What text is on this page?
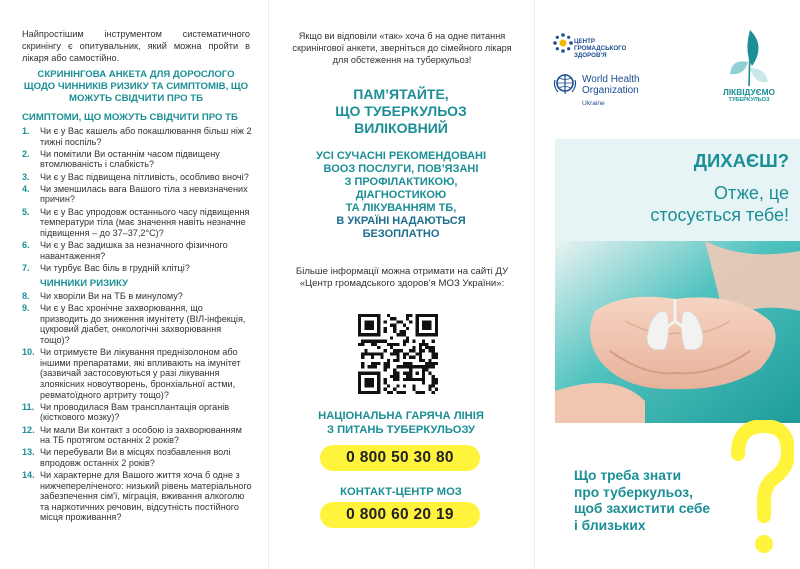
Найпростішим інструментом систематичного скринінгу є опитувальник, який можна пройти в лікаря або самостійно.
СКРИНІНГОВА АНКЕТА ДЛЯ ДОРОСЛОГО ЩОДО ЧИННИКІВ РИЗИКУ ТА СИМПТОМІВ, ЩО МОЖУТЬ СВІДЧИТИ ПРО ТБ
СИМПТОМИ, ЩО МОЖУТЬ СВІДЧИТИ ПРО ТБ
1. Чи є у Вас кашель або покашлювання більш ніж 2 тижні поспіль?
2. Чи помітили Ви останнім часом підвищену втомлюваність і слабкість?
3. Чи є у Вас підвищена пітливість, особливо вночі?
4. Чи зменшилась вага Вашого тіла з невизначених причин?
5. Чи є у Вас упродовж останнього часу підвищення температури тіла (має значення навіть незначне підвищення – до 37–37,2°С)?
6. Чи є у Вас задишка за незначного фізичного навантаження?
7. Чи турбує Вас біль в грудній клітці?
ЧИННИКИ РИЗИКУ
8. Чи хворіли Ви на ТБ в минулому?
9. Чи є у Вас хронічне захворювання, що призводить до зниження імунітету (ВІЛ-інфекція, цукровий діабет, онкологічні захворювання тощо)?
10. Чи отримуєте Ви лікування преднізолоном або іншими препаратами, які впливають на імунітет (зазвичай застосовуються у разі лікування злоякісних новоутворень, бронхіальної астми, ревматоїдного артриту тощо)?
11. Чи проводилася Вам трансплантація органів (кісткового мозку)?
12. Чи мали Ви контакт з особою із захворюванням на ТБ протягом останніх 2 років?
13. Чи перебували Ви в місцях позбавлення волі впродовж останніх 2 років?
14. Чи характерне для Вашого життя хоча б одне з нижчепереліченого: низький рівень матеріального забезпечення сім'ї, міграція, вживання алкоголю та наркотичних речовин, відсутність постійного місця проживання?
Якщо ви відповіли «так» хоча б на одне питання скринінгової анкети, зверніться до сімейного лікаря для обстеження на туберкульоз!
ПАМ’ЯТАЙТЕ,
ЩО ТУБЕРКУЛЬОЗ
ВИЛІКОВНИЙ
УСІ СУЧАСНІ РЕКОМЕНДОВАНІ
ВООЗ ПОСЛУГИ, ПОВ’ЯЗАНІ
З ПРОФІЛАКТИКОЮ,
ДІАГНОСТИКОЮ
ТА ЛІКУВАННЯМ ТБ,
В УКРАЇНІ НАДАЮТЬСЯ
БЕЗОПЛАТНО
Більше інформації можна отримати на сайті ДУ «Центр громадського здоров’я МОЗ України»:
НАЦІОНАЛЬНА ГАРЯЧА ЛІНІЯ
З ПИТАНЬ ТУБЕРКУЛЬОЗУ
0 800 50 30 80
КОНТАКТ-ЦЕНТР МОЗ
0 800 60 20 19
ЦЕНТР
ГРОМАДСЬКОГО
ЗДОРОВ’Я
World Health
Organization
Ukraine
ЛІКВІДУЄМО
ТУБЕРКУЛЬОЗ
ДИХАЄШ?
Отже, це
стосується тебе!
Що треба знати
про туберкульоз,
щоб захистити себе
і близьких
